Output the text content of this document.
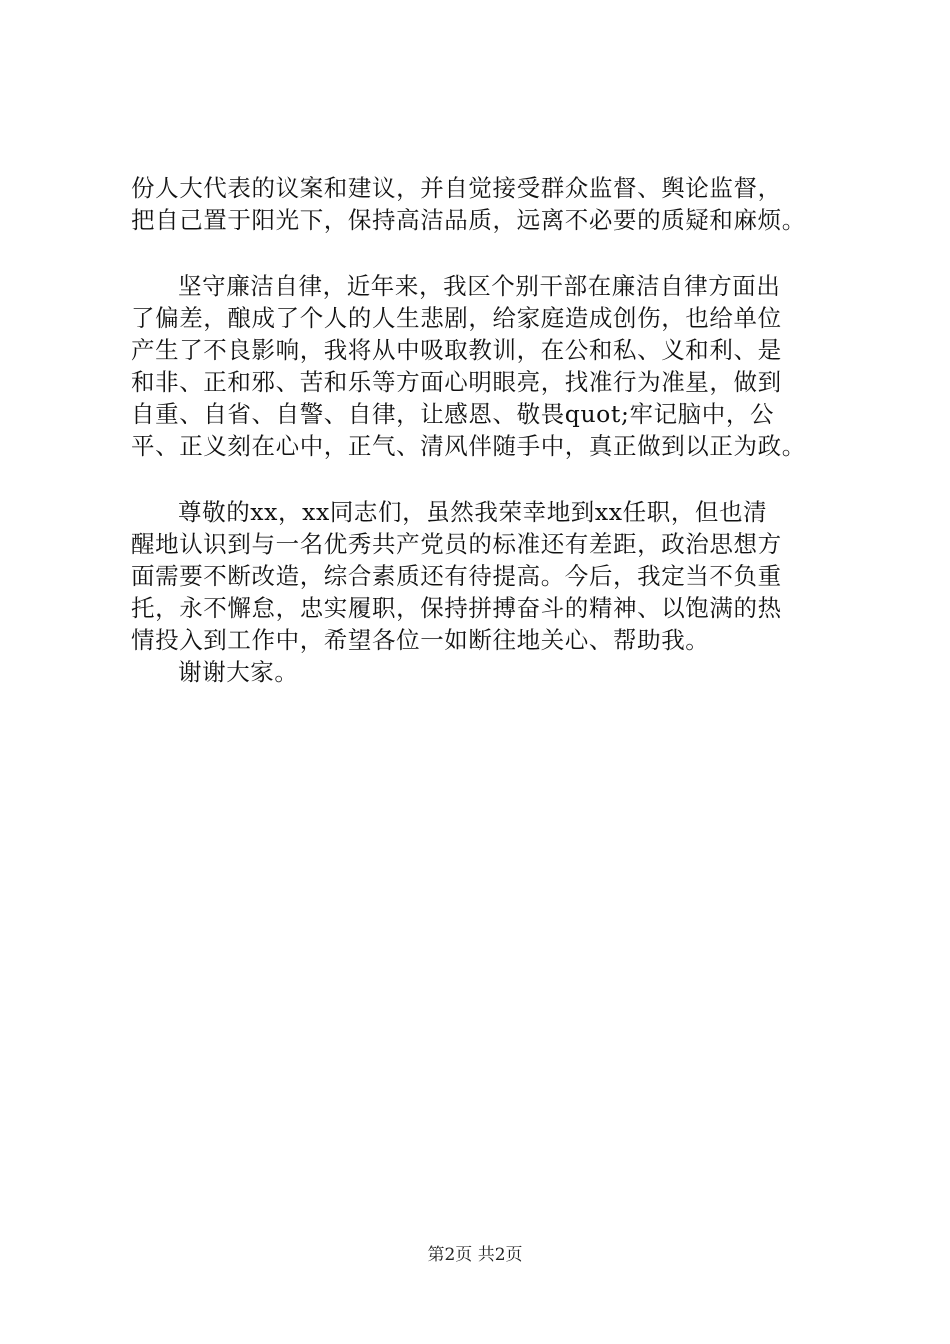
份人大代表的议案和建议，并自觉接受群众监督、舆论监督，
把自己置于阳光下，保持高洁品质，远离不必要的质疑和麻烦。
坚守廉洁自律，近年来，我区个别干部在廉洁自律方面出
了偏差，酿成了个人的人生悲剧，给家庭造成创伤，也给单位
产生了不良影响，我将从中吸取教训，在公和私、义和利、是
和非、正和邪、苦和乐等方面心明眼亮，找准行为准星，做到
自重、自省、自警、自律，让感恩、敬畏quot;牢记脑中，公
平、正义刻在心中，正气、清风伴随手中，真正做到以正为政。
尊敬的xx，xx同志们，虽然我荣幸地到xx任职，但也清
醒地认识到与一名优秀共产党员的标准还有差距，政治思想方
面需要不断改造，综合素质还有待提高。今后，我定当不负重
托，永不懈怠，忠实履职，保持拼搏奋斗的精神、以饱满的热
情投入到工作中，希望各位一如断往地关心、帮助我。
谢谢大家。
第2页 共2页
